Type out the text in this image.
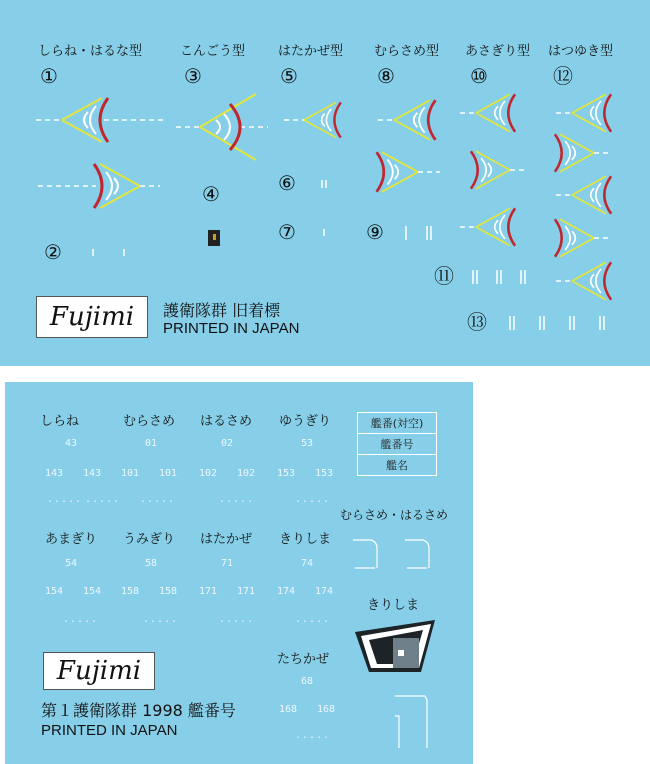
しらね・はるな型	こんごう型	はたかぜ型 むらさめ型 あさぎり型 はつゆき型
①	③	⑤	⑧	⑩	⑫
④	⑥
⑦	⑨
②
⑪
⑬
Fujimi	護衛隊群 旧着標
PRINTED IN JAPAN
しらね	むらさめ はるさめ ゆうぎり
43	01	02	53
143 143 101 101 102 102 153 153
..... ..... .....	.....	.....
あまぎり うみぎり はたかぜ きりしま
54	58	71	74
154 154 158 158 171 171 174 174
.....	.....	.....	.....
艦番(対空)
艦番号
艦名
むらさめ・はるさめ
きりしま
たちかぜ
68
168 168
.....
Fujimi
第１護衛隊群 1998 艦番号
PRINTED IN JAPAN
